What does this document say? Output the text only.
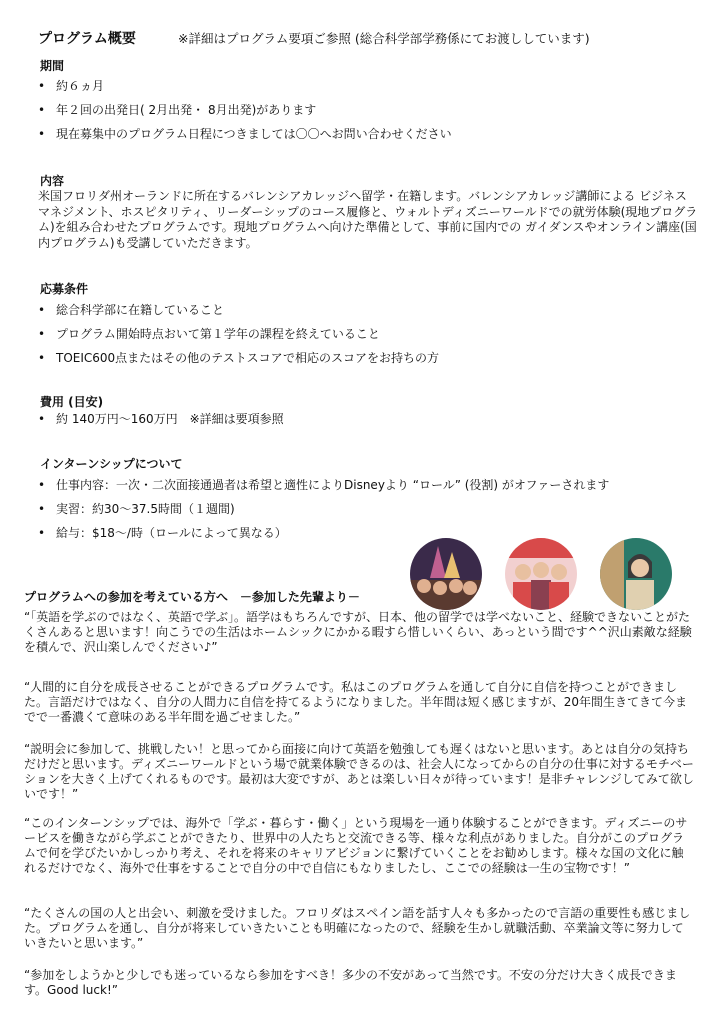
プログラム概要	※詳細はプログラム要項ご参照 (総合科学部学務係にてお渡ししています)
期間
• 約６ヵ月
• 年２回の出発日( 2月出発・ 8月出発)があります
• 現在募集中のプログラム日程につきましては〇〇へお問い合わせください
内容
米国フロリダ州オーランドに所在するバレンシアカレッジへ留学・在籍します。バレンシアカレッジ講師による ビジネスマネジメント、ホスピタリティ、リーダーシップのコース履修と、ウォルトディズニーワールドでの就労体験(現地プログラム)を組み合わせたプログラムです。現地プログラムへ向けた準備として、事前に国内での ガイダンスやオンライン講座(国内プログラム)も受講していただきます。
応募条件
• 総合科学部に在籍していること
• プログラム開始時点おいて第１学年の課程を終えていること
• TOEIC600点またはその他のテストスコアで相応のスコアをお持ちの方
費用 (目安)
• 約 140万円～160万円　※詳細は要項参照
インターンシップについて
• 仕事内容：一次・二次面接通過者は希望と適性によりDisneyより “ロール” (役割) がオファーされます
• 実習：約30～37.5時間（１週間)
• 給与：$18～/時（ロールによって異なる）
プログラムへの参加を考えている方へ　－参加した先輩より－
“「英語を学ぶのではなく、英語で学ぶ」。語学はもちろんですが、日本、他の留学では学べないこと、経験できないことがたくさんあると思います！向こうでの生活はホームシックにかかる暇すら惜しいくらい、あっという間です^^沢山素敵な経験を積んで、沢山楽しんでください♪”
“人間的に自分を成長させることができるプログラムです。私はこのプログラムを通して自分に自信を持つことができました。言語だけではなく、自分の人間力に自信を持てるようになりました。半年間は短く感じますが、20年間生きてきて今までで一番濃くて意味のある半年間を過ごせました。”
“説明会に参加して、挑戦したい！と思ってから面接に向けて英語を勉強しても遅くはないと思います。あとは自分の気持ちだけだと思います。ディズニーワールドという場で就業体験できるのは、社会人になってからの自分の仕事に対するモチベーションを大きく上げてくれるものです。最初は大変ですが、あとは楽しい日々が待っています！是非チャレンジしてみて欲しいです！”
“このインターンシップでは、海外で「学ぶ・暮らす・働く」という現場を一通り体験することができます。ディズニーのサービスを働きながら学ぶことができたり、世界中の人たちと交流できる等、様々な利点がありました。自分がこのプログラムで何を学びたいかしっかり考え、それを将来のキャリアビジョンに繋げていくことをお勧めします。様々な国の文化に触れるだけでなく、海外で仕事をすることで自分の中で自信にもなりましたし、ここでの経験は一生の宝物です！”
“たくさんの国の人と出会い、刺激を受けました。フロリダはスペイン語を話す人々も多かったので言語の重要性も感じました。プログラムを通し、自分が将来していきたいことも明確になったので、経験を生かし就職活動、卒業論文等に努力していきたいと思います。”
“参加をしようかと少しでも迷っているなら参加をすべき！多少の不安があって当然です。不安の分だけ大きく成長できます。Good luck!”
